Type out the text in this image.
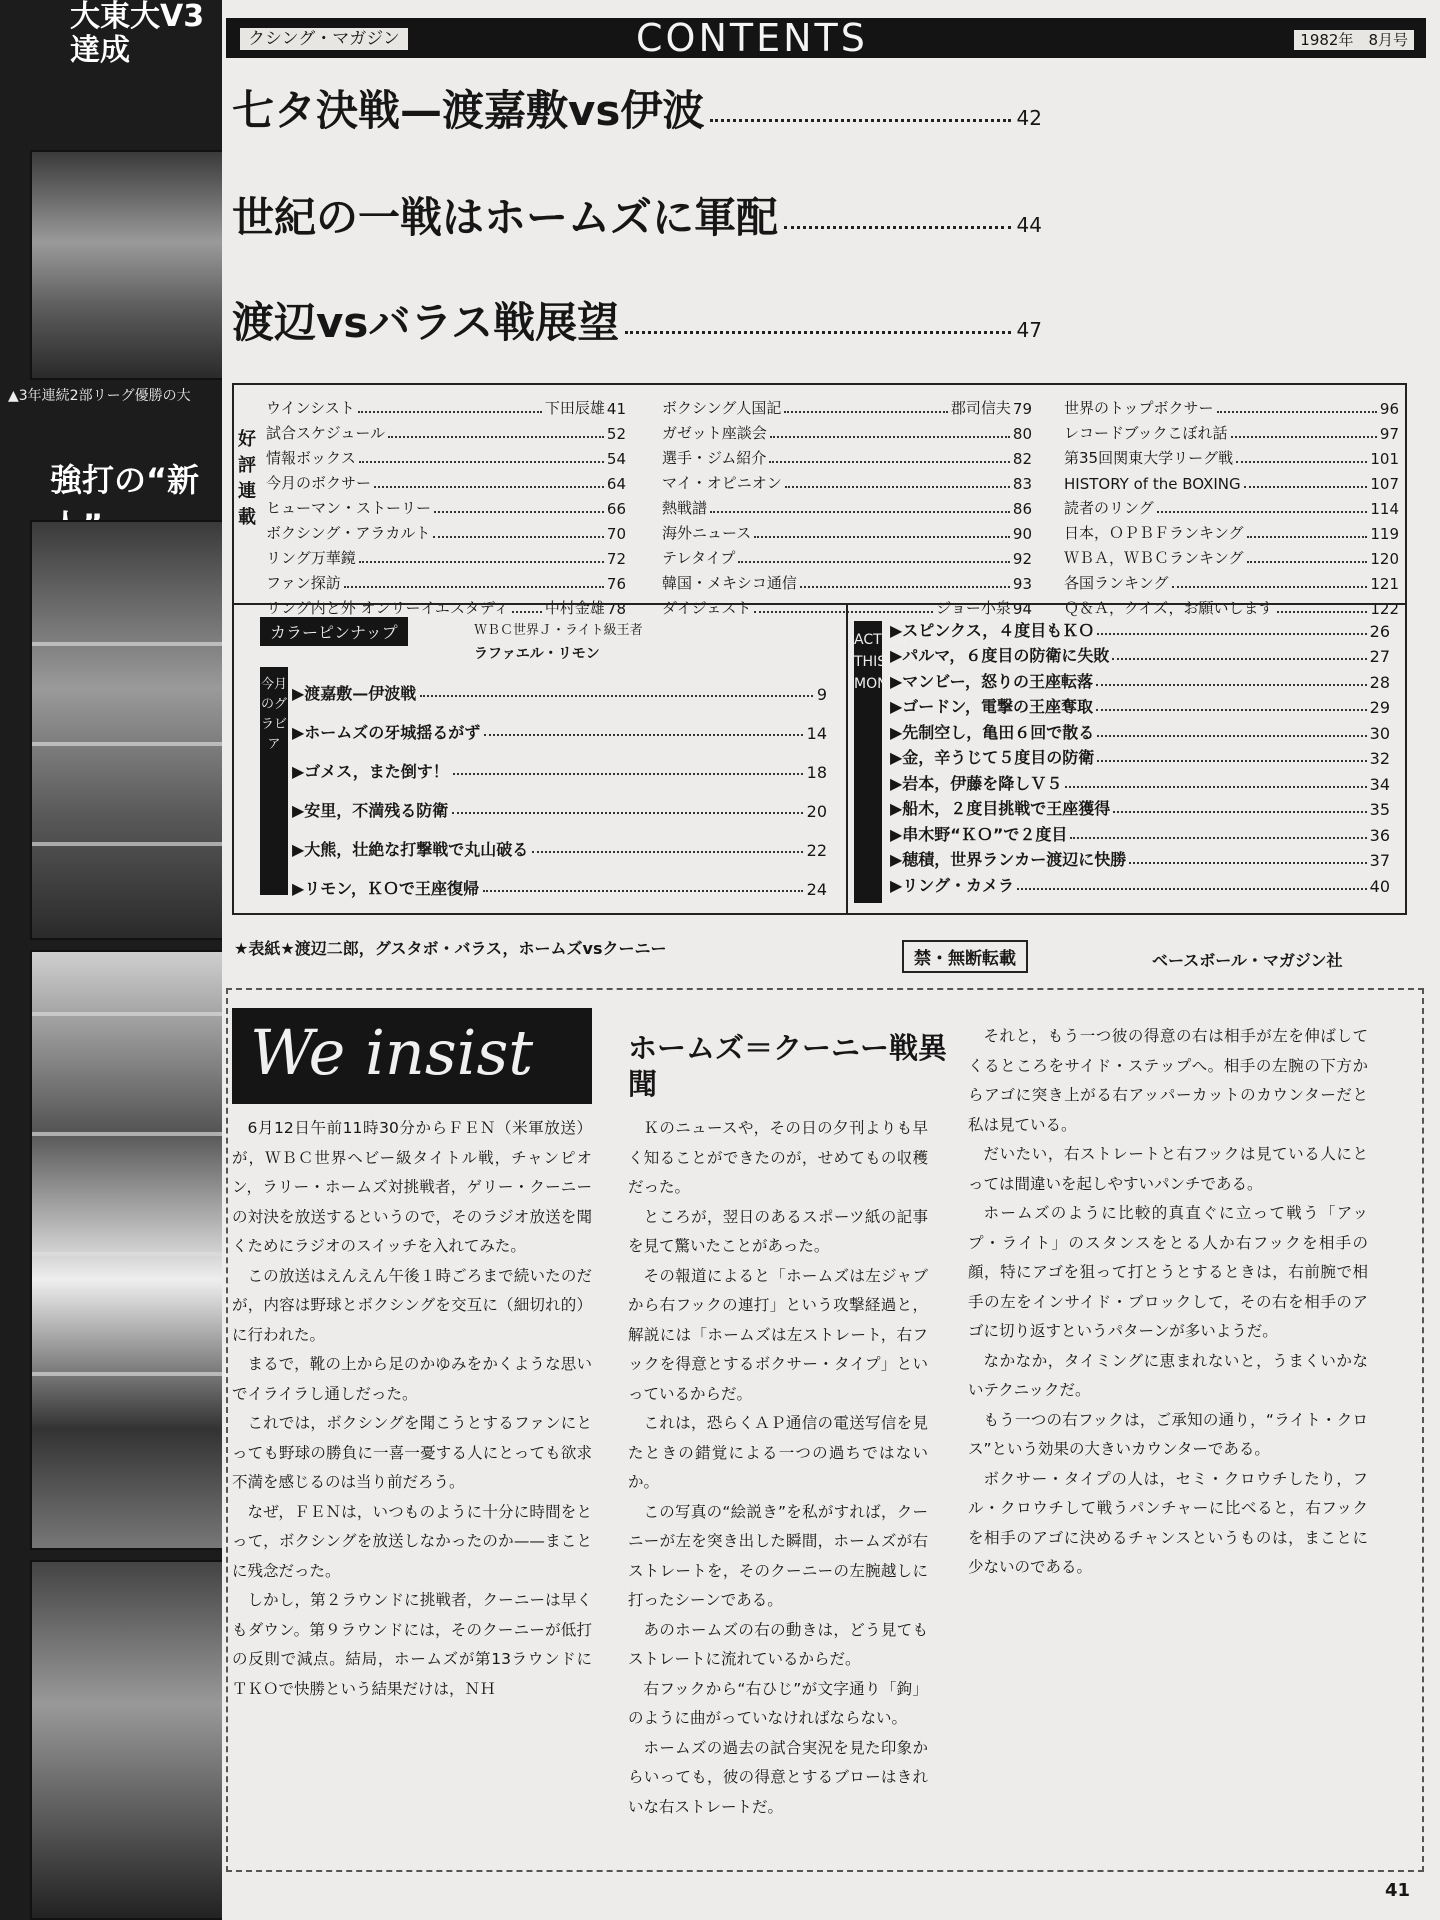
大東大V3達成
▲3年連続2部リーグ優勝の大
強打の“新
クシング・マガジン	CONTENTS	1982年　8月号
七タ決戦—渡嘉敷vs伊波	42
世紀の一戦はホームズに軍配	44
渡辺vsバラス戦展望	47
好評連載
ウインシスト	下田辰雄 41
試合スケジュール	52
情報ボックス	54
今月のボクサー	64
ヒューマン・ストーリー	66
ボクシング・アラカルト	70
リング万華鏡	72
ファン探訪	76
リング内と外 オンリーイエスタディ 中村金雄 78
ボクシング人国記	郡司信夫 79
ガゼット座談会	80
選手・ジム紹介	82
マイ・オピニオン	83
熱戦譜	86
海外ニュース	90
テレタイプ	92
韓国・メキシコ通信	93
ダイジェスト	ジョー小泉 94
世界のトップボクサー	96
レコードブックこぼれ話	97
第35回関東大学リーグ戦	101
HISTORY of the BOXING	107
読者のリング	114
日本，ＯＰＢＦランキング	119
ＷＢＡ，ＷＢＣランキング	120
各国ランキング	121
Ｑ＆Ａ，クイズ，お願いします	122
カラーピンナップ	ＷＢＣ世界Ｊ・ライト級王者
ラファエル・リモン
今月のグラビア
▶渡嘉敷—伊波戦	9
▶ホームズの牙城揺るがず	14
▶ゴメス，また倒す！	18
▶安里，不満残る防衛	20
▶大熊，壮絶な打撃戦で丸山破る	22
▶リモン，ＫＯで王座復帰	24
ACTION THIS MONTH
▶スピンクス，４度目もＫＯ	26
▶パルマ，６度目の防衛に失敗	27
▶マンビー，怒りの王座転落	28
▶ゴードン，電撃の王座奪取	29
▶先制空し，亀田６回で散る	30
▶金，辛うじて５度目の防衛	32
▶岩本，伊藤を降しＶ５	34
▶船木，２度目挑戦で王座獲得	35
▶串木野“ＫＯ”で２度目	36
▶穂積，世界ランカー渡辺に快勝	37
▶リング・カメラ	40
★表紙★渡辺二郎，グスタボ・バラス，ホームズvsクーニー
禁・無断転載	ベースボール・マガジン社
We insist

6月12日午前11時30分からＦＥＮ（米軍放送）が，ＷＢＣ世界ヘビー級タイトル戦，チャンピオン，ラリー・ホームズ対挑戦者，ゲリー・クーニーの対決を放送するというので，そのラジオ放送を聞くためにラジオのスイッチを入れてみた。

この放送はえんえん午後１時ごろまで続いたのだが，内容は野球とボクシングを交互に（細切れ的）に行われた。

まるで，靴の上から足のかゆみをかくような思いでイライラし通しだった。

これでは，ボクシングを聞こうとするファンにとっても野球の勝負に一喜一憂する人にとっても欲求不満を感じるのは当り前だろう。

なぜ，ＦＥＮは，いつものように十分に時間をとって，ボクシングを放送しなかったのか——まことに残念だった。

しかし，第２ラウンドに挑戦者，クーニーは早くもダウン。第９ラウンドには，そのクーニーが低打の反則で減点。結局，ホームズが第13ラウンドにＴＫＯで快勝という結果だけは，ＮＨ

ホームズ＝クーニー戦異聞

Ｋのニュースや，その日の夕刊よりも早く知ることができたのが，せめてもの収穫だった。

ところが，翌日のあるスポーツ紙の記事を見て驚いたことがあった。

その報道によると「ホームズは左ジャブから右フックの連打」という攻撃経過と，解説には「ホームズは左ストレート，右フックを得意とするボクサー・タイプ」といっているからだ。

これは，恐らくＡＰ通信の電送写信を見たときの錯覚による一つの過ちではないか。

この写真の“絵説き”を私がすれば，クーニーが左を突き出した瞬間，ホームズが右ストレートを，そのクーニーの左腕越しに打ったシーンである。

あのホームズの右の動きは，どう見てもストレートに流れているからだ。

右フックから“右ひじ”が文字通り「鉤」のように曲がっていなければならない。

ホームズの過去の試合実況を見た印象からいっても，彼の得意とするブローはきれいな右ストレートだ。

それと，もう一つ彼の得意の右は相手が左を伸ばしてくるところをサイド・ステップへ。相手の左腕の下方からアゴに突き上がる右アッパーカットのカウンターだと私は見ている。

だいたい，右ストレートと右フックは見ている人にとっては間違いを起しやすいパンチである。

ホームズのように比較的真直ぐに立って戦う「アップ・ライト」のスタンスをとる人か右フックを相手の顔，特にアゴを狙って打とうとするときは，右前腕で相手の左をインサイド・ブロックして，その右を相手のアゴに切り返すというパターンが多いようだ。

なかなか，タイミングに恵まれないと，うまくいかないテクニックだ。

もう一つの右フックは，ご承知の通り，“ライト・クロス”という効果の大きいカウンターである。

ボクサー・タイプの人は，セミ・クロウチしたり，フル・クロウチして戦うパンチャーに比べると，右フックを相手のアゴに決めるチャンスというものは，まことに少ないのである。

41
